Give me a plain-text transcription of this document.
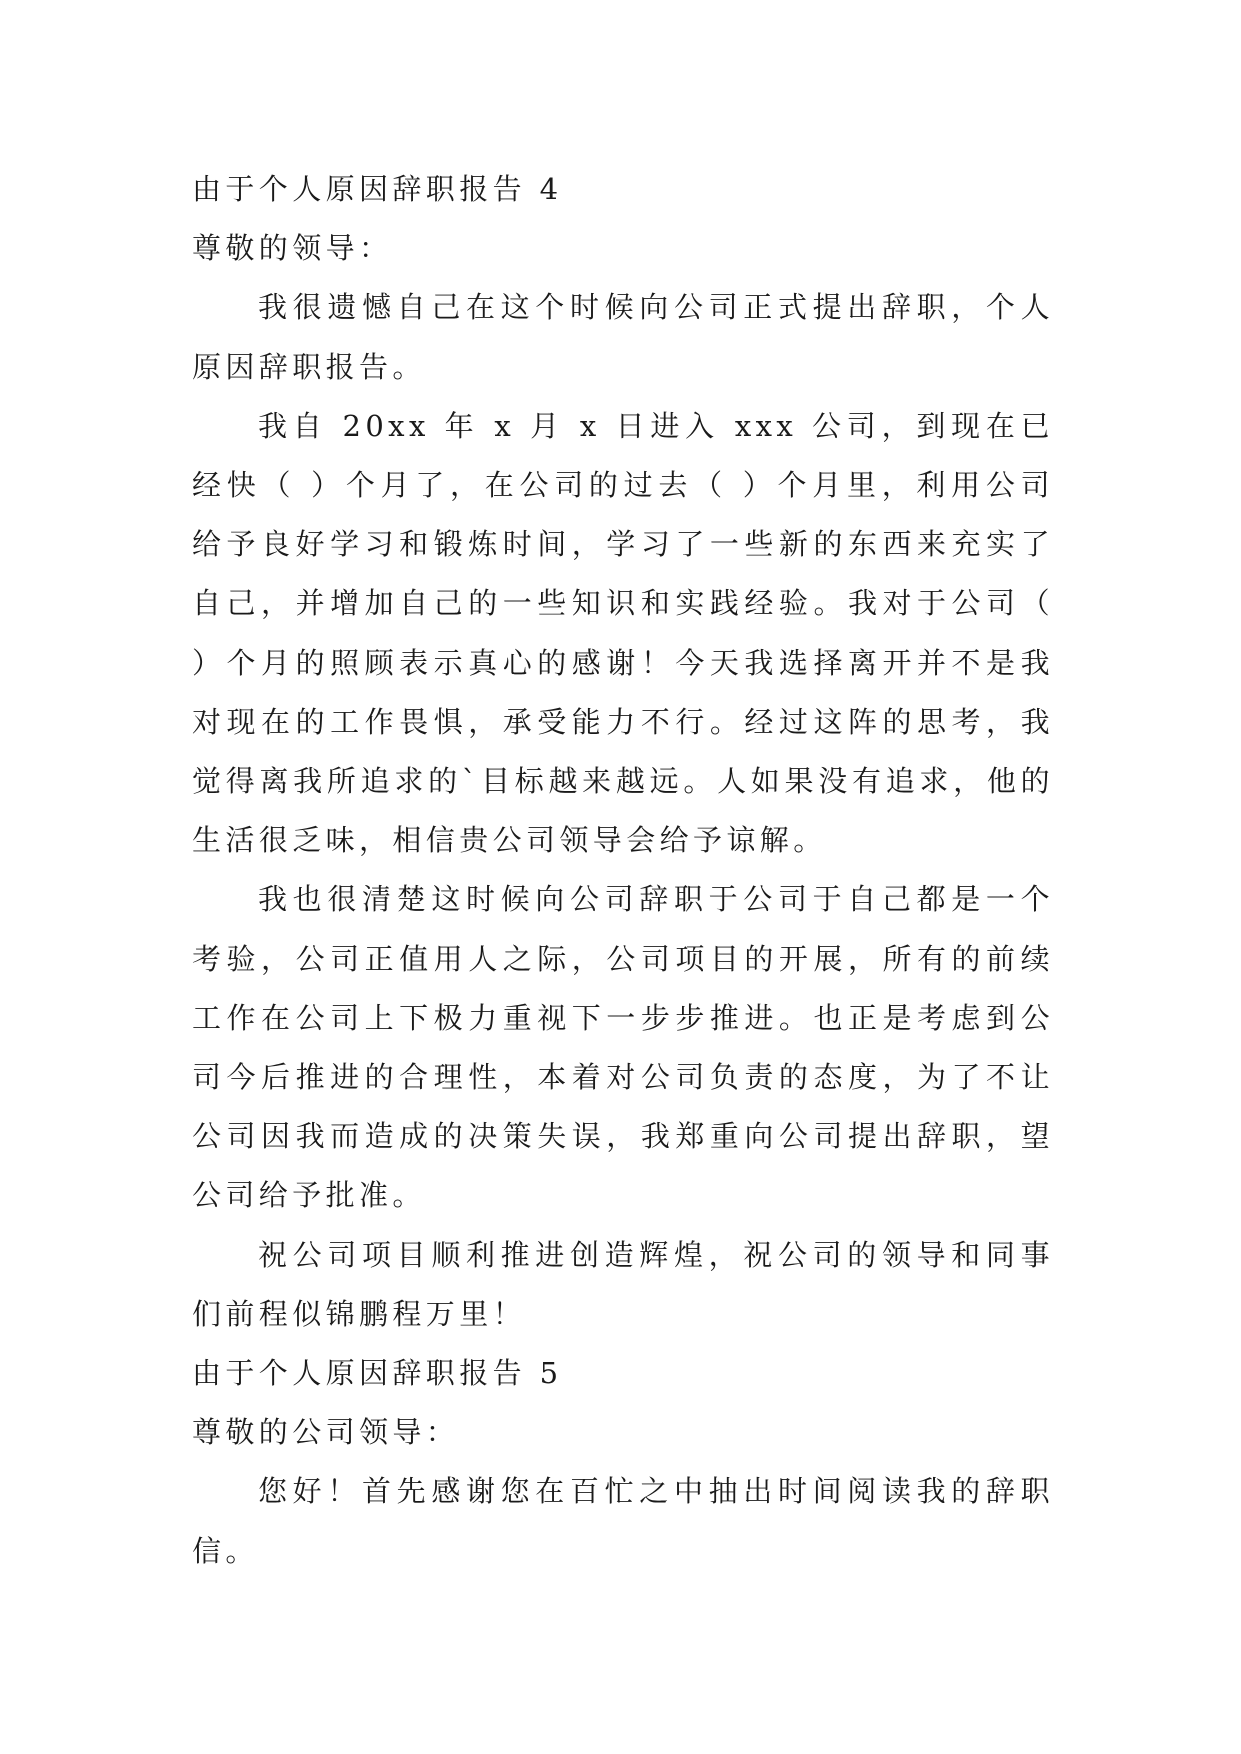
由于个人原因辞职报告 4

尊敬的领导：

我很遗憾自己在这个时候向公司正式提出辞职，个人原因辞职报告。

我自 20xx 年 x 月 x 日进入 xxx 公司，到现在已经快（ ）个月了，在公司的过去（ ）个月里，利用公司给予良好学习和锻炼时间，学习了一些新的东西来充实了自己，并增加自己的一些知识和实践经验。我对于公司（ ）个月的照顾表示真心的感谢！今天我选择离开并不是我对现在的工作畏惧，承受能力不行。经过这阵的思考，我觉得离我所追求的`目标越来越远。人如果没有追求，他的生活很乏味，相信贵公司领导会给予谅解。

我也很清楚这时候向公司辞职于公司于自己都是一个考验，公司正值用人之际，公司项目的开展，所有的前续工作在公司上下极力重视下一步步推进。也正是考虑到公司今后推进的合理性，本着对公司负责的态度，为了不让公司因我而造成的决策失误，我郑重向公司提出辞职，望公司给予批准。

祝公司项目顺利推进创造辉煌，祝公司的领导和同事们前程似锦鹏程万里！

由于个人原因辞职报告 5

尊敬的公司领导：

您好！首先感谢您在百忙之中抽出时间阅读我的辞职信。
